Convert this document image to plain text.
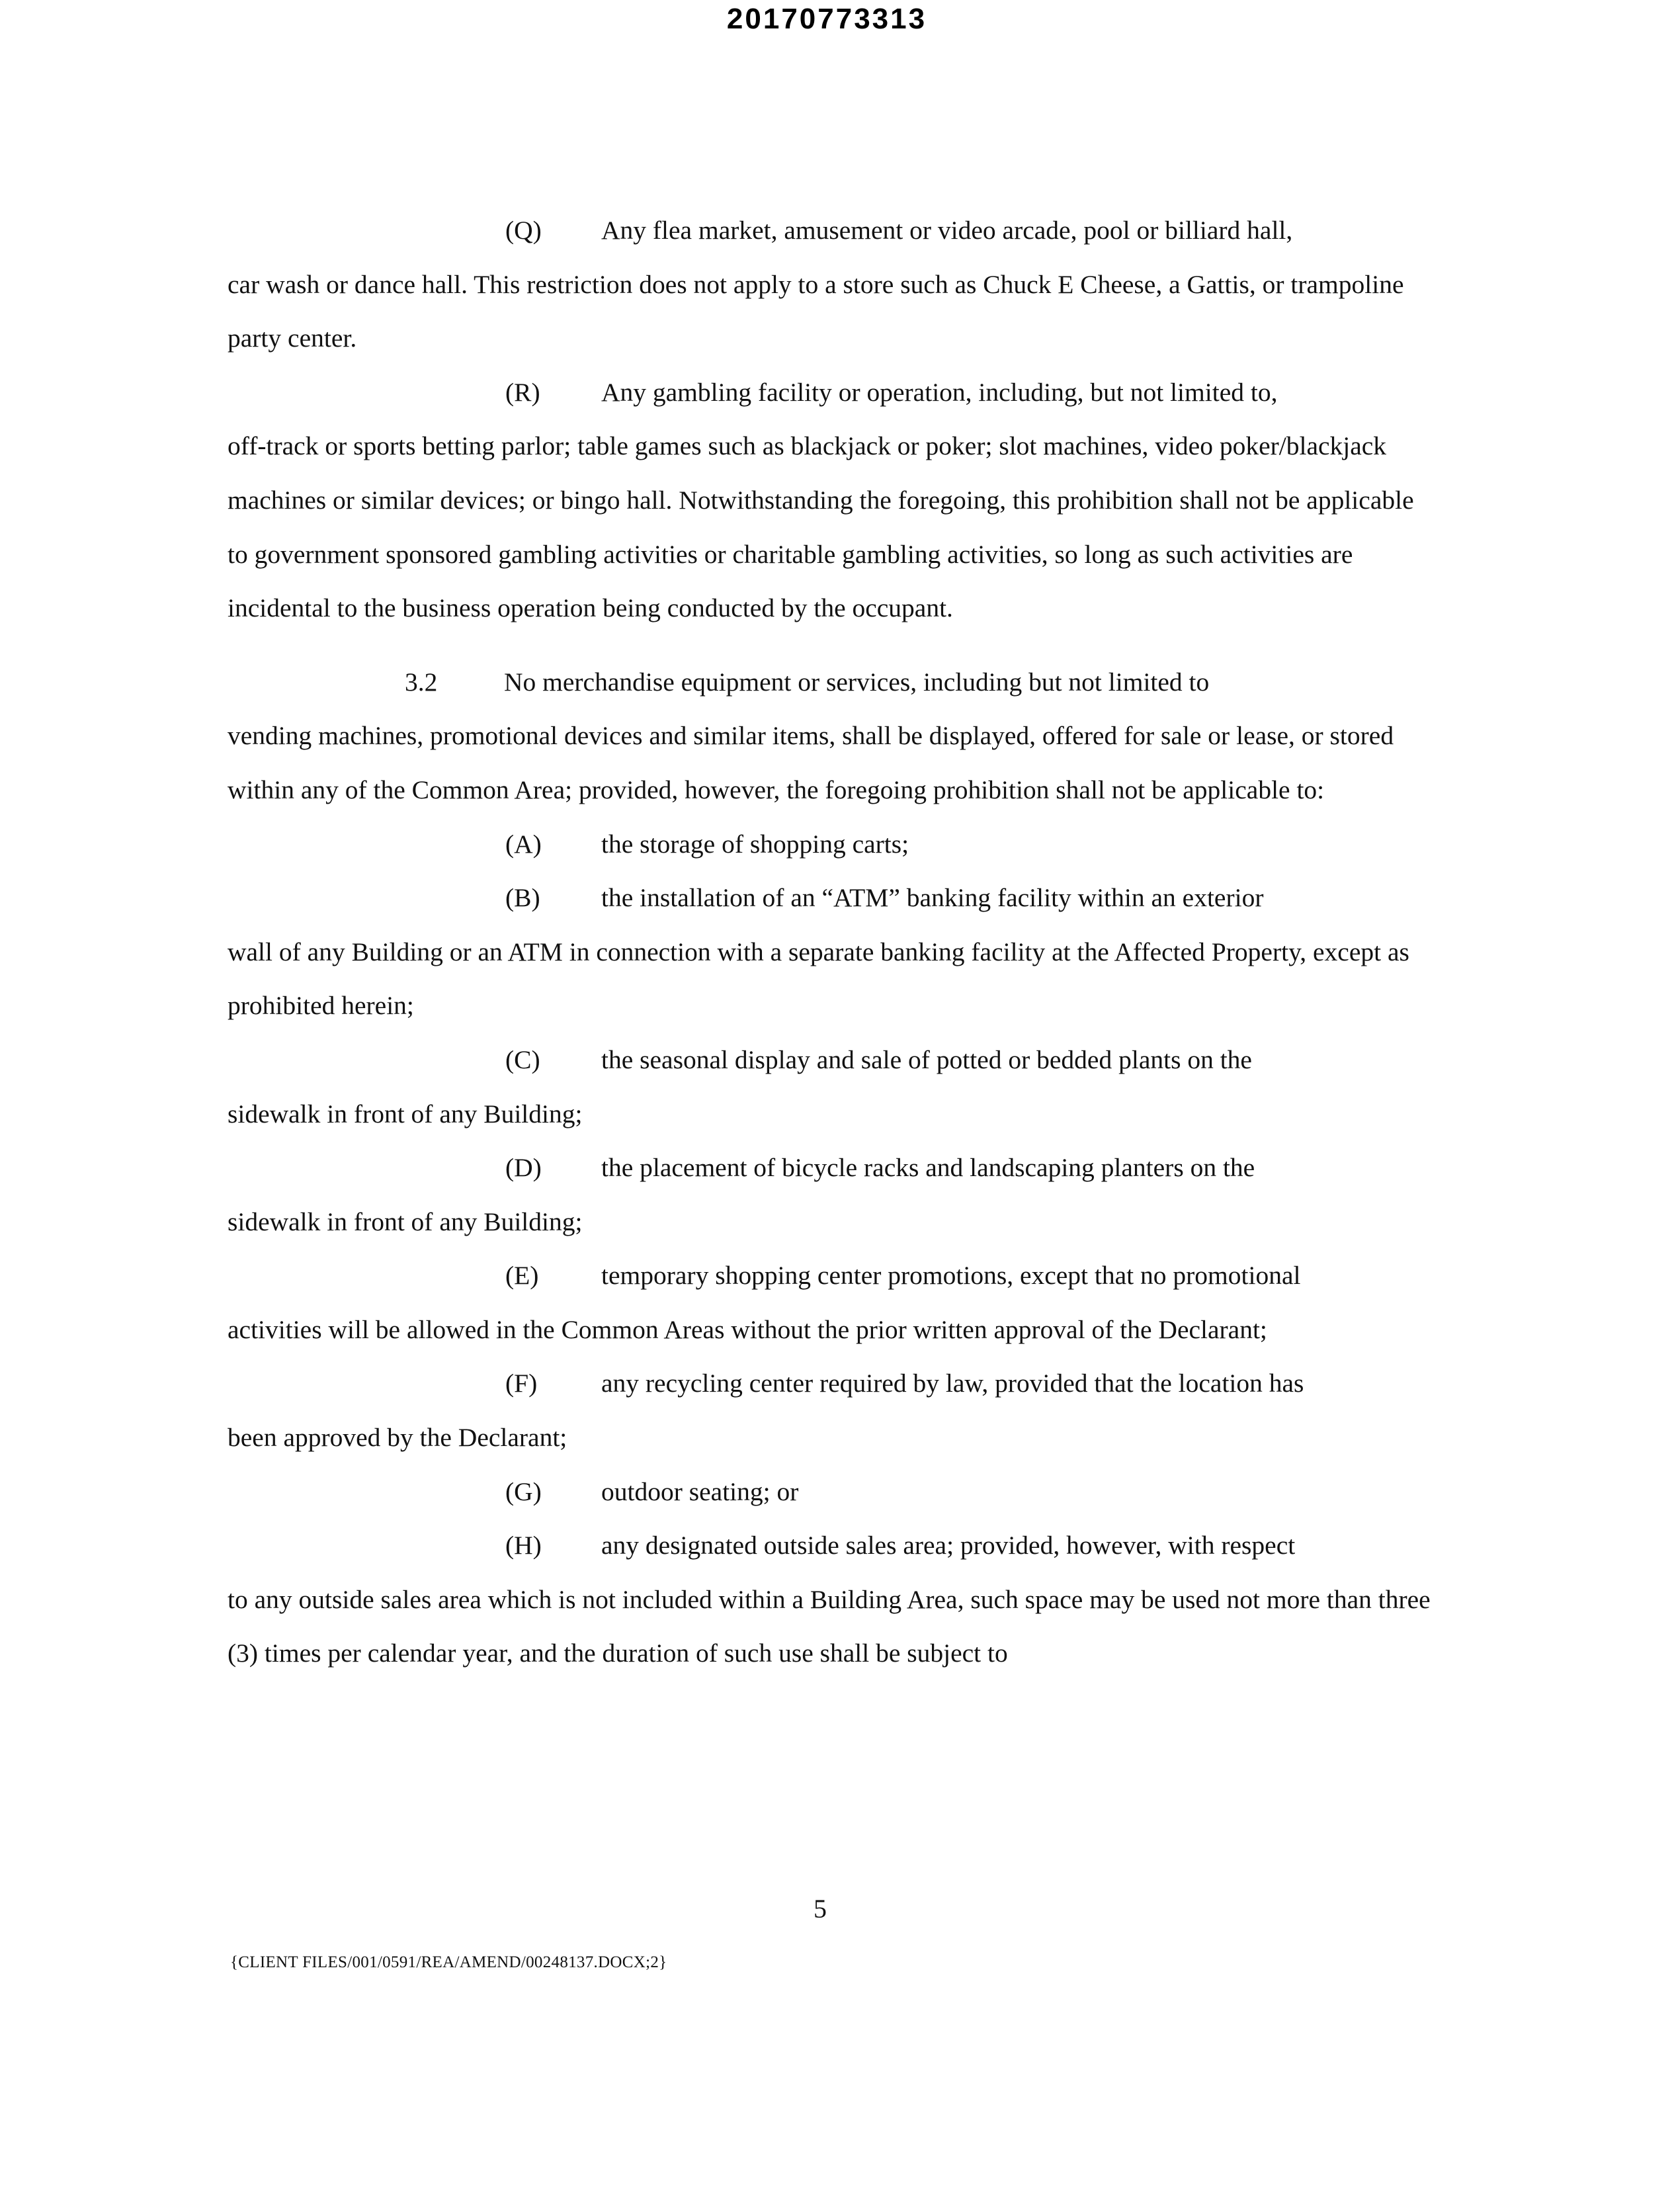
20170773313

(Q) Any flea market, amusement or video arcade, pool or billiard hall,
car wash or dance hall. This restriction does not apply to a store such as Chuck E Cheese, a Gattis, or trampoline party center.

(R) Any gambling facility or operation, including, but not limited to,
off-track or sports betting parlor; table games such as blackjack or poker; slot machines, video poker/blackjack machines or similar devices; or bingo hall. Notwithstanding the foregoing, this prohibition shall not be applicable to government sponsored gambling activities or charitable gambling activities, so long as such activities are incidental to the business operation being conducted by the occupant.

3.2	No merchandise equipment or services, including but not limited to
vending machines, promotional devices and similar items, shall be displayed, offered for sale or lease, or stored within any of the Common Area; provided, however, the foregoing prohibition shall not be applicable to:

(A) the storage of shopping carts;

(B) the installation of an “ATM” banking facility within an exterior
wall of any Building or an ATM in connection with a separate banking facility at the Affected Property, except as prohibited herein;

(C) the seasonal display and sale of potted or bedded plants on the
sidewalk in front of any Building;

(D) the placement of bicycle racks and landscaping planters on the
sidewalk in front of any Building;

(E) temporary shopping center promotions, except that no promotional
activities will be allowed in the Common Areas without the prior written approval of the Declarant;

(F) any recycling center required by law, provided that the location has
been approved by the Declarant;

(G) outdoor seating; or

(H) any designated outside sales area; provided, however, with respect
to any outside sales area which is not included within a Building Area, such space may be used not more than three (3) times per calendar year, and the duration of such use shall be subject to

5
{CLIENT FILES/001/0591/REA/AMEND/00248137.DOCX;2}
